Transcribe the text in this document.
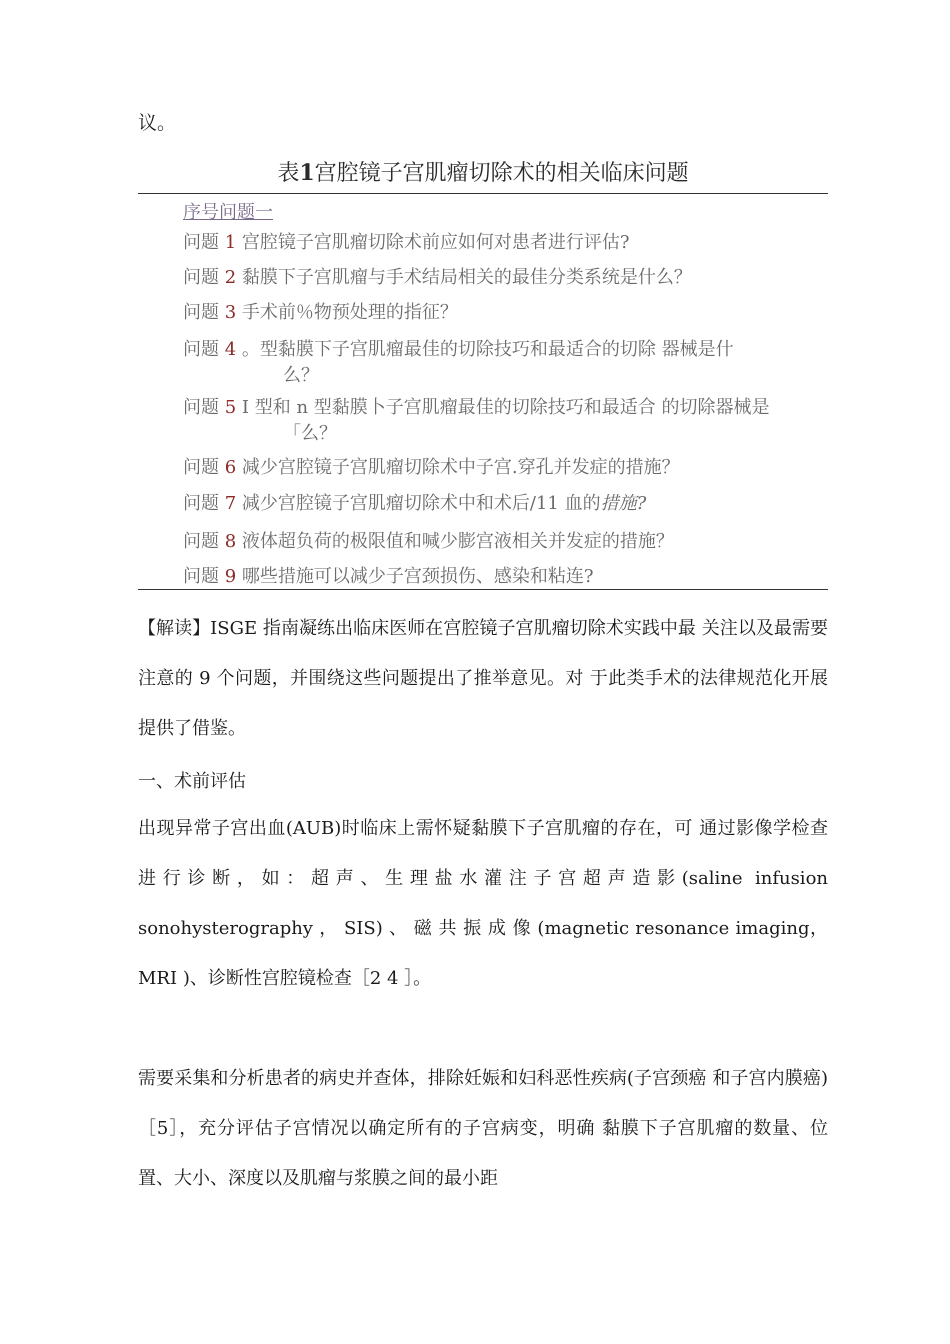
议。
表1宫腔镜子宫肌瘤切除术的相关临床问题
序号问题一
问题 1 宫腔镜子宫肌瘤切除术前应如何对患者进行评估?
问题 2 黏膜下子宫肌瘤与手术结局相关的最佳分类系统是什么？
问题 3 手术前％物预处理的指征？
问题 4 。型黏膜下子宫肌瘤最佳的切除技巧和最适合的切除 器械是什
么？
问题 5 I 型和 n 型黏膜卜子宫肌瘤最佳的切除技巧和最适合 的切除器械是
「么？
问题 6 减少宫腔镜子宫肌瘤切除术中子宫.穿孔并发症的措施？
问题 7 减少宫腔镜子宫肌瘤切除术中和术后/11 血的措施?
问题 8 液体超负荷的极限值和喊少膨宫液相关并发症的措施？
问题 9 哪些措施可以减少子宫颈损伤、感染和粘连?
【解读】ISGE 指南凝练出临床医师在宫腔镜子宫肌瘤切除术实践中最 关注以及最需要注意的 9 个问题，并围绕这些问题提出了推举意见。对 于此类手术的法律规范化开展提供了借鉴。
一、术前评估
出现异常子宫出血(AUB)时临床上需怀疑黏膜下子宫肌瘤的存在，可 通过影像学检查进行诊断，如：超声、生理盐水灌注子宫超声造影(saline infusion sonohysterography ， SIS) 、 磁 共 振 成 像 (magnetic resonance imaging，MRI )、诊断性宫腔镜检查［2 4 ］。
需要采集和分析患者的病史并查体，排除妊娠和妇科恶性疾病(子宫颈癌 和子宫内膜癌)［5］，充分评估子宫情况以确定所有的子宫病变，明确 黏膜下子宫肌瘤的数量、位置、大小、深度以及肌瘤与浆膜之间的最小距
